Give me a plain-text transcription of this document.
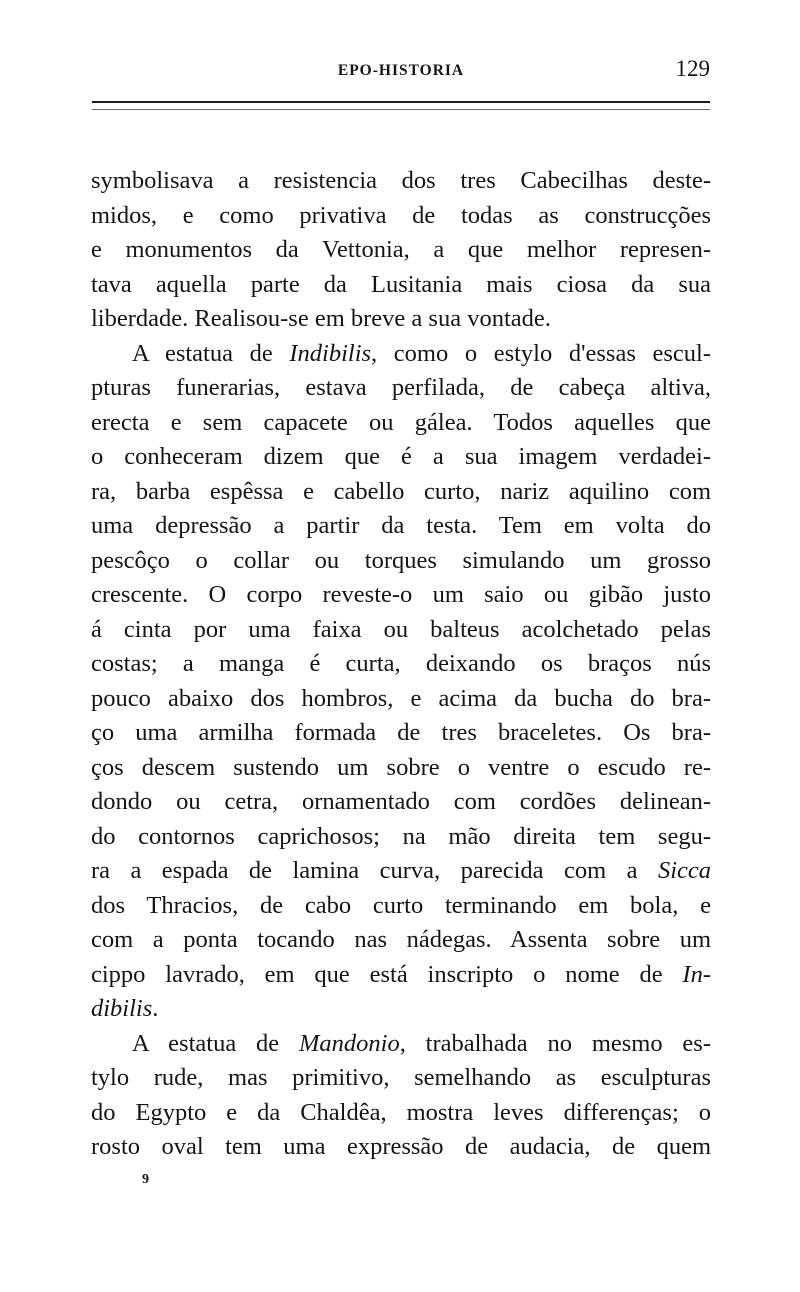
EPO-HISTORIA	129
symbolisava a resistencia dos tres Cabecilhas deste-
midos, e como privativa de todas as construcções
e monumentos da Vettonia, a que melhor represen-
tava aquella parte da Lusitania mais ciosa da sua
liberdade. Realisou-se em breve a sua vontade.
A estatua de Indibilis, como o estylo d'essas escul-
pturas funerarias, estava perfilada, de cabeça altiva,
erecta e sem capacete ou gálea. Todos aquelles que
o conheceram dizem que é a sua imagem verdadei-
ra, barba espêssa e cabello curto, nariz aquilino com
uma depressão a partir da testa. Tem em volta do
pescôço o collar ou torques simulando um grosso
crescente. O corpo reveste-o um saio ou gibão justo
á cinta por uma faixa ou balteus acolchetado pelas
costas; a manga é curta, deixando os braços nús
pouco abaixo dos hombros, e acima da bucha do bra-
ço uma armilha formada de tres braceletes. Os bra-
ços descem sustendo um sobre o ventre o escudo re-
dondo ou cetra, ornamentado com cordões delinean-
do contornos caprichosos; na mão direita tem segu-
ra a espada de lamina curva, parecida com a Sicca
dos Thracios, de cabo curto terminando em bola, e
com a ponta tocando nas nádegas. Assenta sobre um
cippo lavrado, em que está inscripto o nome de In-
dibilis.
A estatua de Mandonio, trabalhada no mesmo es-
tylo rude, mas primitivo, semelhando as esculpturas
do Egypto e da Chaldêa, mostra leves differenças; o
rosto oval tem uma expressão de audacia, de quem
9
